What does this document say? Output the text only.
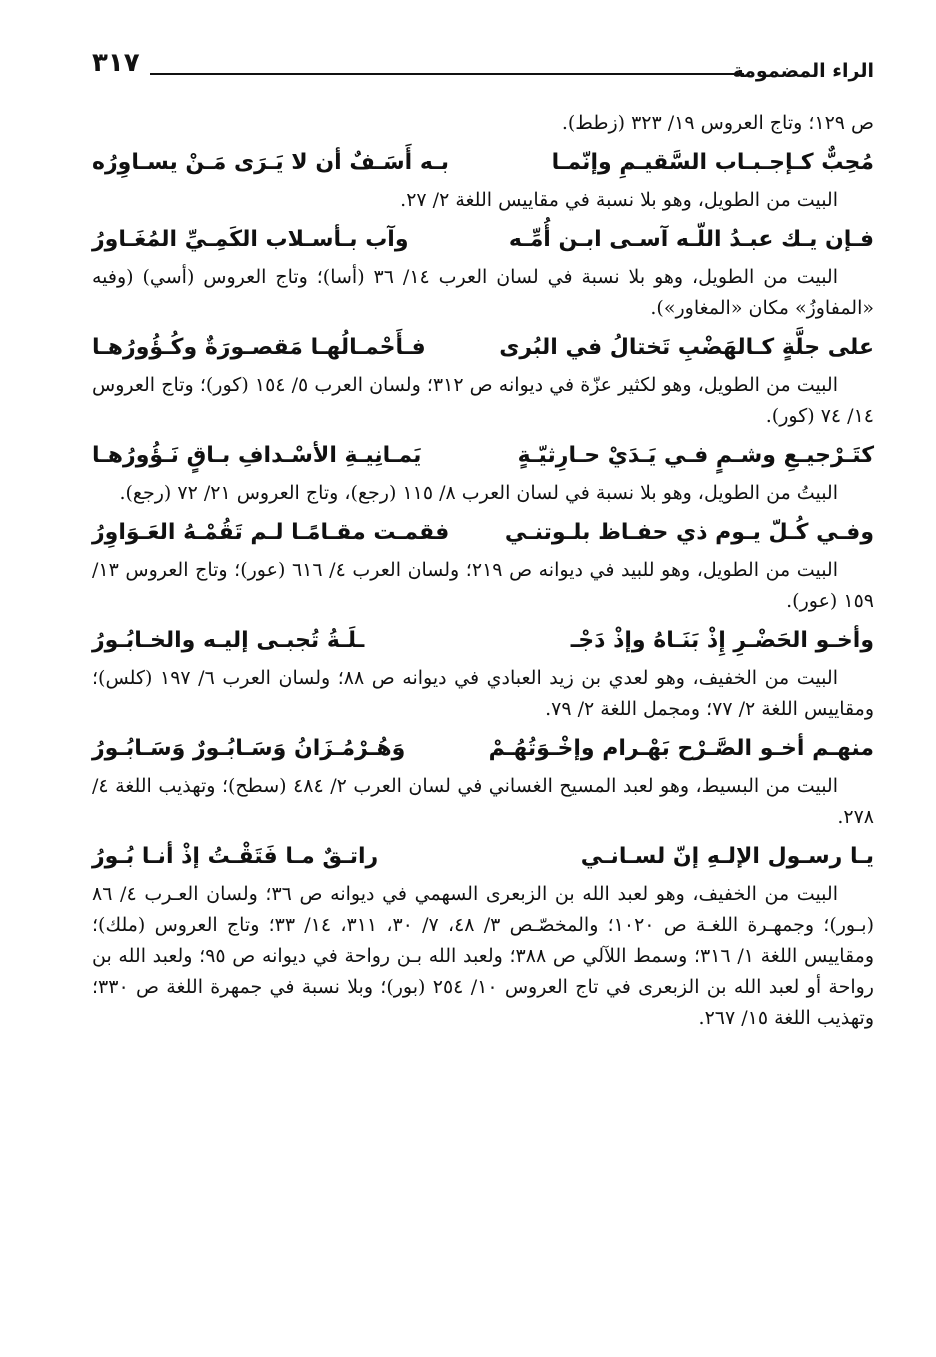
الراء المضمومة
٣١٧

ص ١٢٩؛ وتاج العروس ١٩/ ٣٢٣ (زطط).

مُحِبٌّ كـإجـبـاب السَّقيـمِ وإنّمـا
بـه أَسَـفٌ أن لا يَـرَى مَـنْ يسـاوِرُه

البيت من الطويل، وهو بلا نسبة في مقاييس اللغة ٢/ ٢٧.

فـإن يـك عبـدُ اللّـه آسـى ابـن أُمِّـه
وآب بـأسـلاب الكَمِـيِّ المُغَـاورُ

البيت من الطويل، وهو بلا نسبة في لسان العرب ١٤/ ٣٦ (أسا)؛ وتاج العروس (أسي) (وفيه «المفاوزُ» مكان «المغاور»).

على جلَّةٍ كـالهَضْبِ تَختالُ في البُرى
فـأَحْمـالُهـا مَقصـورَةٌ وكُـؤُورُهـا

البيت من الطويل، وهو لكثير عزّة في ديوانه ص ٣١٢؛ ولسان العرب ٥/ ١٥٤ (كور)؛ وتاج العروس ١٤/ ٧٤ (كور).

كتَـرْجيـعِ وشـمٍ فـي يَـدَيْ حـارِثيّـةٍ
يَمـانِيـةِ الأسْـدافِ بـاقٍ نَـؤُورُهـا

البيتُ من الطويل، وهو بلا نسبة في لسان العرب ٨/ ١١٥ (رجع)، وتاج العروس ٢١/ ٧٢ (رجع).

وفـي كُـلّ يـوم ذي حفـاظ بلـوتنـي
فقمـت مقـامًـا لـم تَقُمْـهُ العَـوَاوِرُ

البيت من الطويل، وهو للبيد في ديوانه ص ٢١٩؛ ولسان العرب ٤/ ٦١٦ (عور)؛ وتاج العروس ١٣/ ١٥٩ (عور).

وأخـو الحَضْـرِ إِذْ بَنَـاهُ وإذْ دَجْـ
ـلَـةُ تُجبـى إليـه والخـابُـورُ

البيت من الخفيف، وهو لعدي بن زيد العبادي في ديوانه ص ٨٨؛ ولسان العرب ٦/ ١٩٧ (كلس)؛ ومقاييس اللغة ٢/ ٧٧؛ ومجمل اللغة ٢/ ٧٩.

منهـم أخـو الصَّـرْح بَهْـرام وإخْـوَتُهُـمْ
وَهُـرْمُـزَانُ وَسَـابُـورٌ وَسَـابُـورُ

البيت من البسيط، وهو لعبد المسيح الغساني في لسان العرب ٢/ ٤٨٤ (سطح)؛ وتهذيب اللغة ٤/ ٢٧٨.

يـا رسـول الإلـهِ إنّ لسـانـي
راتـقٌ مـا فَتَقْـتُ إذْ أنـا بُـورُ

البيت من الخفيف، وهو لعبد الله بن الزبعرى السهمي في ديوانه ص ٣٦؛ ولسان العـرب ٤/ ٨٦ (بـور)؛ وجمهـرة اللغـة ص ١٠٢٠؛ والمخصّـص ٣/ ٤٨، ٧/ ٣٠، ٣١١، ١٤/ ٣٣؛ وتاج العروس (ملك)؛ ومقاييس اللغة ١/ ٣١٦؛ وسمط اللآلي ص ٣٨٨؛ ولعبد الله بـن رواحة في ديوانه ص ٩٥؛ ولعبد الله بن رواحة أو لعبد الله بن الزبعرى في تاج العروس ١٠/ ٢٥٤ (بور)؛ وبلا نسبة في جمهرة اللغة ص ٣٣٠؛ وتهذيب اللغة ١٥/ ٢٦٧.
